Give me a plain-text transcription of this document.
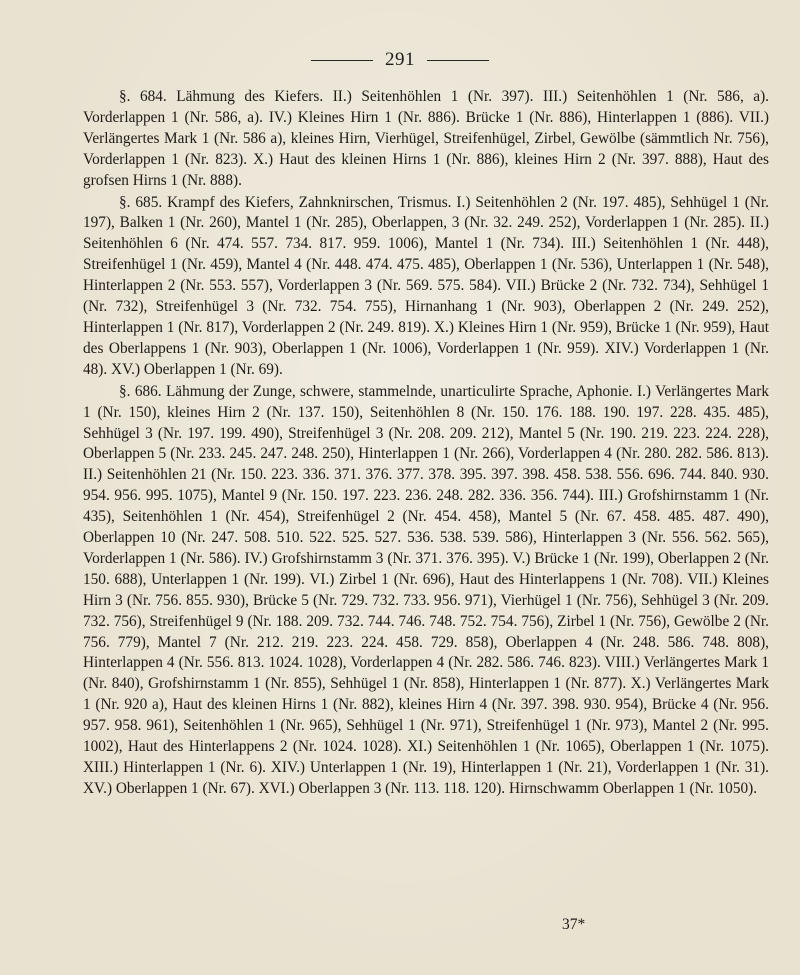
291

§. 684. Lähmung des Kiefers. II.) Seitenhöhlen 1 (Nr. 397). III.) Seitenhöhlen 1 (Nr. 586, a). Vorderlappen 1 (Nr. 586, a). IV.) Kleines Hirn 1 (Nr. 886). Brücke 1 (Nr. 886), Hinterlappen 1 (886). VII.) Verlängertes Mark 1 (Nr. 586 a), kleines Hirn, Vierhügel, Streifenhügel, Zirbel, Gewölbe (sämmtlich Nr. 756), Vorderlappen 1 (Nr. 823). X.) Haut des kleinen Hirns 1 (Nr. 886), kleines Hirn 2 (Nr. 397. 888), Haut des grofsen Hirns 1 (Nr. 888).

§. 685. Krampf des Kiefers, Zahnknirschen, Trismus. I.) Seitenhöhlen 2 (Nr. 197. 485), Sehhügel 1 (Nr. 197), Balken 1 (Nr. 260), Mantel 1 (Nr. 285), Oberlappen, 3 (Nr. 32. 249. 252), Vorderlappen 1 (Nr. 285). II.) Seitenhöhlen 6 (Nr. 474. 557. 734. 817. 959. 1006), Mantel 1 (Nr. 734). III.) Seitenhöhlen 1 (Nr. 448), Streifenhügel 1 (Nr. 459), Mantel 4 (Nr. 448. 474. 475. 485), Oberlappen 1 (Nr. 536), Unterlappen 1 (Nr. 548), Hinterlappen 2 (Nr. 553. 557), Vorderlappen 3 (Nr. 569. 575. 584). VII.) Brücke 2 (Nr. 732. 734), Sehhügel 1 (Nr. 732), Streifenhügel 3 (Nr. 732. 754. 755), Hirnanhang 1 (Nr. 903), Oberlappen 2 (Nr. 249. 252), Hinterlappen 1 (Nr. 817), Vorderlappen 2 (Nr. 249. 819). X.) Kleines Hirn 1 (Nr. 959), Brücke 1 (Nr. 959), Haut des Oberlappens 1 (Nr. 903), Oberlappen 1 (Nr. 1006), Vorderlappen 1 (Nr. 959). XIV.) Vorderlappen 1 (Nr. 48). XV.) Oberlappen 1 (Nr. 69).

§. 686. Lähmung der Zunge, schwere, stammelnde, unarticulirte Sprache, Aphonie. I.) Verlängertes Mark 1 (Nr. 150), kleines Hirn 2 (Nr. 137. 150), Seitenhöhlen 8 (Nr. 150. 176. 188. 190. 197. 228. 435. 485), Sehhügel 3 (Nr. 197. 199. 490), Streifenhügel 3 (Nr. 208. 209. 212), Mantel 5 (Nr. 190. 219. 223. 224. 228), Oberlappen 5 (Nr. 233. 245. 247. 248. 250), Hinterlappen 1 (Nr. 266), Vorderlappen 4 (Nr. 280. 282. 586. 813). II.) Seitenhöhlen 21 (Nr. 150. 223. 336. 371. 376. 377. 378. 395. 397. 398. 458. 538. 556. 696. 744. 840. 930. 954. 956. 995. 1075), Mantel 9 (Nr. 150. 197. 223. 236. 248. 282. 336. 356. 744). III.) Grofshirnstamm 1 (Nr. 435), Seitenhöhlen 1 (Nr. 454), Streifenhügel 2 (Nr. 454. 458), Mantel 5 (Nr. 67. 458. 485. 487. 490), Oberlappen 10 (Nr. 247. 508. 510. 522. 525. 527. 536. 538. 539. 586), Hinterlappen 3 (Nr. 556. 562. 565), Vorderlappen 1 (Nr. 586). IV.) Grofshirnstamm 3 (Nr. 371. 376. 395). V.) Brücke 1 (Nr. 199), Oberlappen 2 (Nr. 150. 688), Unterlappen 1 (Nr. 199). VI.) Zirbel 1 (Nr. 696), Haut des Hinterlappens 1 (Nr. 708). VII.) Kleines Hirn 3 (Nr. 756. 855. 930), Brücke 5 (Nr. 729. 732. 733. 956. 971), Vierhügel 1 (Nr. 756), Sehhügel 3 (Nr. 209. 732. 756), Streifenhügel 9 (Nr. 188. 209. 732. 744. 746. 748. 752. 754. 756), Zirbel 1 (Nr. 756), Gewölbe 2 (Nr. 756. 779), Mantel 7 (Nr. 212. 219. 223. 224. 458. 729. 858), Oberlappen 4 (Nr. 248. 586. 748. 808), Hinterlappen 4 (Nr. 556. 813. 1024. 1028), Vorderlappen 4 (Nr. 282. 586. 746. 823). VIII.) Verlängertes Mark 1 (Nr. 840), Grofshirnstamm 1 (Nr. 855), Sehhügel 1 (Nr. 858), Hinterlappen 1 (Nr. 877). X.) Verlängertes Mark 1 (Nr. 920 a), Haut des kleinen Hirns 1 (Nr. 882), kleines Hirn 4 (Nr. 397. 398. 930. 954), Brücke 4 (Nr. 956. 957. 958. 961), Seitenhöhlen 1 (Nr. 965), Sehhügel 1 (Nr. 971), Streifenhügel 1 (Nr. 973), Mantel 2 (Nr. 995. 1002), Haut des Hinterlappens 2 (Nr. 1024. 1028). XI.) Seitenhöhlen 1 (Nr. 1065), Oberlappen 1 (Nr. 1075). XIII.) Hinterlappen 1 (Nr. 6). XIV.) Unterlappen 1 (Nr. 19), Hinterlappen 1 (Nr. 21), Vorderlappen 1 (Nr. 31). XV.) Oberlappen 1 (Nr. 67). XVI.) Oberlappen 3 (Nr. 113. 118. 120). Hirnschwamm Oberlappen 1 (Nr. 1050).

37*
